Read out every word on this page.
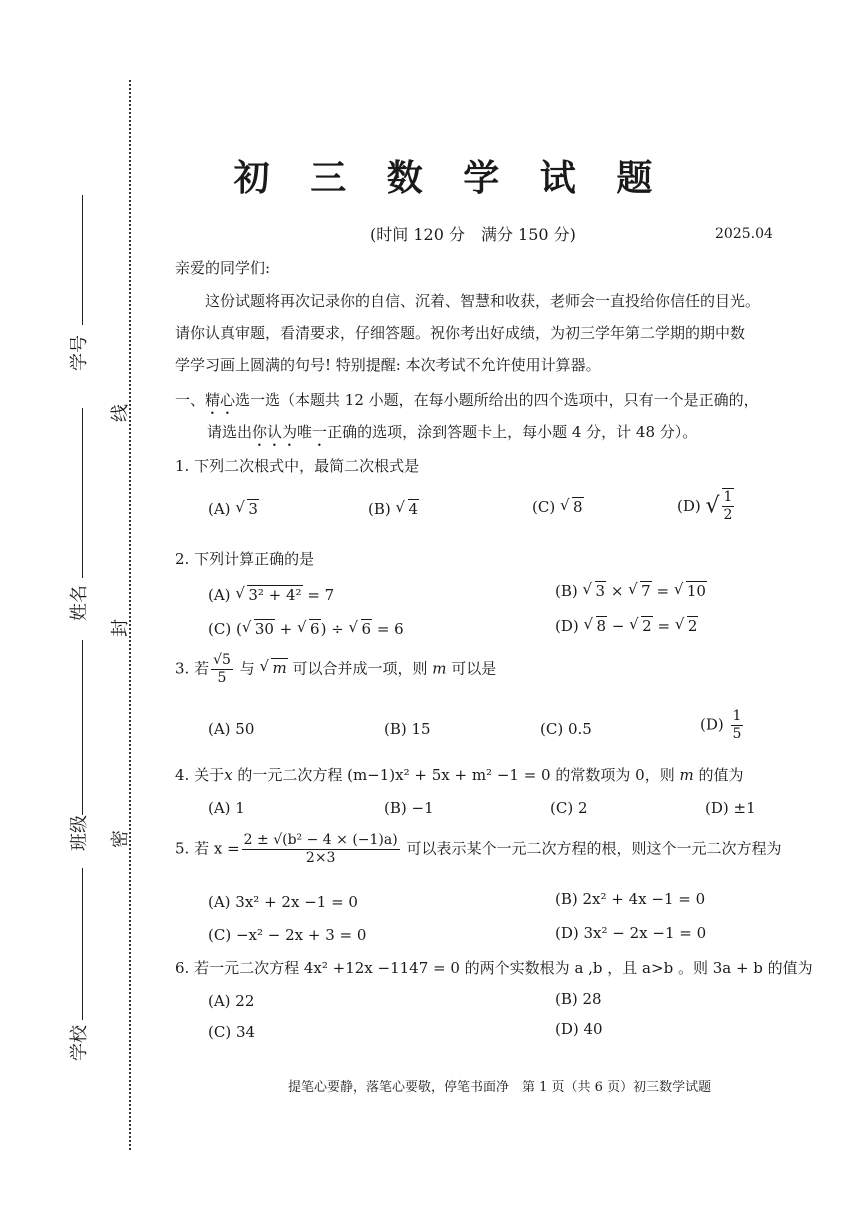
学号
姓名
班级
学校
线
封
密
初 三 数 学 试 题
(时间 120 分　满分 150 分)	2025.04
亲爱的同学们:
这份试题将再次记录你的自信、沉着、智慧和收获，老师会一直投给你信任的目光。
请你认真审题，看清要求，仔细答题。祝你考出好成绩，为初三学年第二学期的期中数
学学习画上圆满的句号! 特别提醒: 本次考试不允许使用计算器。
一、精心选一选（本题共 12 小题，在每小题所给出的四个选项中，只有一个是正确的，
请选出你认为唯一正确的选项，涂到答题卡上，每小题 4 分，计 48 分）。
1. 下列二次根式中，最简二次根式是
(A) √ 3	(B) √ 4	(C) √ 8	(D) √ $\frac{1}{2}$
2. 下列计算正确的是
(A) √ 3² + 4² = 7	(B) √ 3 × √ 7 = √ 10
(C) ( √ 30 + √ 6) ÷ √ 6 = 6	(D) √ 8 − √ 2 = √ 2
3. 若 $\frac{√5}{5}$ 与 √ m 可以合并成一项，则 m 可以是
(A) 50	(B) 15	(C) 0.5	$(D) \frac{1}{5}$
4. 关于x 的一元二次方程 (m−1)x² + 5x + m² −1 = 0 的常数项为 0，则 m 的值为
(A) 1	(B) −1	(C) 2	(D) ±1
5. 若 $x = \frac{\text{2 ± √(b² − 4 × (−1)a)}}{2\times 3}$ 可以表示某个一元二次方程的根，则这个一元二次方程为
(A) 3x² + 2x −1 = 0	(B) 2x² + 4x −1 = 0
(C) −x² − 2x + 3 = 0	(D) 3x² − 2x −1 = 0
6. 若一元二次方程 4x² +12x −1147 = 0 的两个实数根为 a ,b ，且 a>b 。则 3a + b 的值为
(A) 22	(B) 28
(C) 34	(D) 40
提笔心要静，落笔心要敬，停笔书面净　第 1 页（共 6 页）初三数学试题
